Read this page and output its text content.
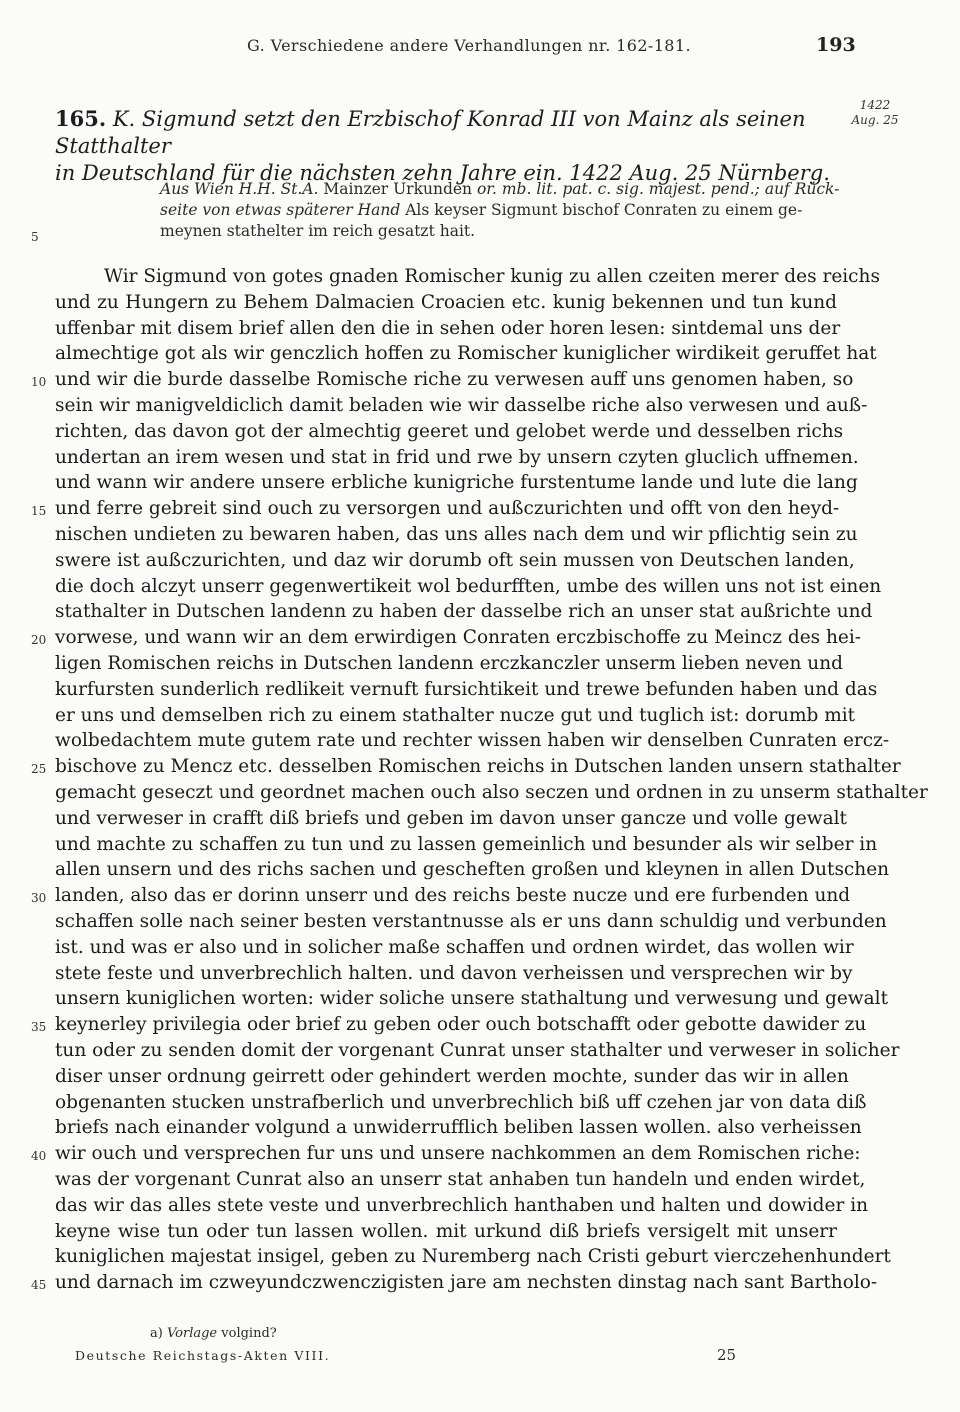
G. Verschiedene andere Verhandlungen nr. 162-181.	193
165. K. Sigmund setzt den Erzbischof Konrad III von Mainz als seinen Statthalter
in Deutschland für die nächsten zehn Jahre ein. 1422 Aug. 25 Nürnberg.
1422
Aug. 25
Aus Wien H.H. St.A. Mainzer Urkunden or. mb. lit. pat. c. sig. majest. pend.; auf Rück-
seite von etwas späterer Hand Als keyser Sigmunt bischof Conraten zu einem ge-
meynen stathelter im reich gesatzt hait.
5
10
15
20
25
30
35
40
45
Wir Sigmund von gotes gnaden Romischer kunig zu allen czeiten merer des reichs
und zu Hungern zu Behem Dalmacien Croacien etc. kunig bekennen und tun kund
uffenbar mit disem brief allen den die in sehen oder horen lesen: sintdemal uns der
almechtige got als wir genczlich hoffen zu Romischer kuniglicher wirdikeit geruffet hat
und wir die burde dasselbe Romische riche zu verwesen auff uns genomen haben, so
sein wir manigveldiclich damit beladen wie wir dasselbe riche also verwesen und auß-
richten, das davon got der almechtig geeret und gelobet werde und desselben richs
undertan an irem wesen und stat in frid und rwe by unsern czyten gluclich uffnemen.
und wann wir andere unsere erbliche kunigriche furstentume lande und lute die lang
und ferre gebreit sind ouch zu versorgen und außczurichten und offt von den heyd-
nischen undieten zu bewaren haben, das uns alles nach dem und wir pflichtig sein zu
swere ist außczurichten, und daz wir dorumb oft sein mussen von Deutschen landen,
die doch alczyt unserr gegenwertikeit wol bedurfften, umbe des willen uns not ist einen
stathalter in Dutschen landenn zu haben der dasselbe rich an unser stat außrichte und
vorwese, und wann wir an dem erwirdigen Conraten erczbischoffe zu Meincz des hei-
ligen Romischen reichs in Dutschen landenn erczkanczler unserm lieben neven und
kurfursten sunderlich redlikeit vernuft fursichtikeit und trewe befunden haben und das
er uns und demselben rich zu einem stathalter nucze gut und tuglich ist: dorumb mit
wolbedachtem mute gutem rate und rechter wissen haben wir denselben Cunraten ercz-
bischove zu Mencz etc. desselben Romischen reichs in Dutschen landen unsern stathalter
gemacht geseczt und geordnet machen ouch also seczen und ordnen in zu unserm stathalter
und verweser in crafft diß briefs und geben im davon unser gancze und volle gewalt
und machte zu schaffen zu tun und zu lassen gemeinlich und besunder als wir selber in
allen unsern und des richs sachen und gescheften großen und kleynen in allen Dutschen
landen, also das er dorinn unserr und des reichs beste nucze und ere furbenden und
schaffen solle nach seiner besten verstantnusse als er uns dann schuldig und verbunden
ist. und was er also und in solicher maße schaffen und ordnen wirdet, das wollen wir
stete feste und unverbrechlich halten. und davon verheissen und versprechen wir by
unsern kuniglichen worten: wider soliche unsere stathaltung und verwesung und gewalt
keynerley privilegia oder brief zu geben oder ouch botschafft oder gebotte dawider zu
tun oder zu senden domit der vorgenant Cunrat unser stathalter und verweser in solicher
diser unser ordnung geirrett oder gehindert werden mochte, sunder das wir in allen
obgenanten stucken unstrafberlich und unverbrechlich biß uff czehen jar von data diß
briefs nach einander volgund a unwiderrufflich beliben lassen wollen. also verheissen
wir ouch und versprechen fur uns und unsere nachkommen an dem Romischen riche:
was der vorgenant Cunrat also an unserr stat anhaben tun handeln und enden wirdet,
das wir das alles stete veste und unverbrechlich hanthaben und halten und dowider in
keyne wise tun oder tun lassen wollen. mit urkund diß briefs versigelt mit unserr
kuniglichen majestat insigel, geben zu Nuremberg nach Cristi geburt vierczehenhundert
und darnach im czweyundczwenczigisten jare am nechsten dinstag nach sant Bartholo-
a) Vorlage volgind?
Deutsche Reichstags-Akten VIII.	25
